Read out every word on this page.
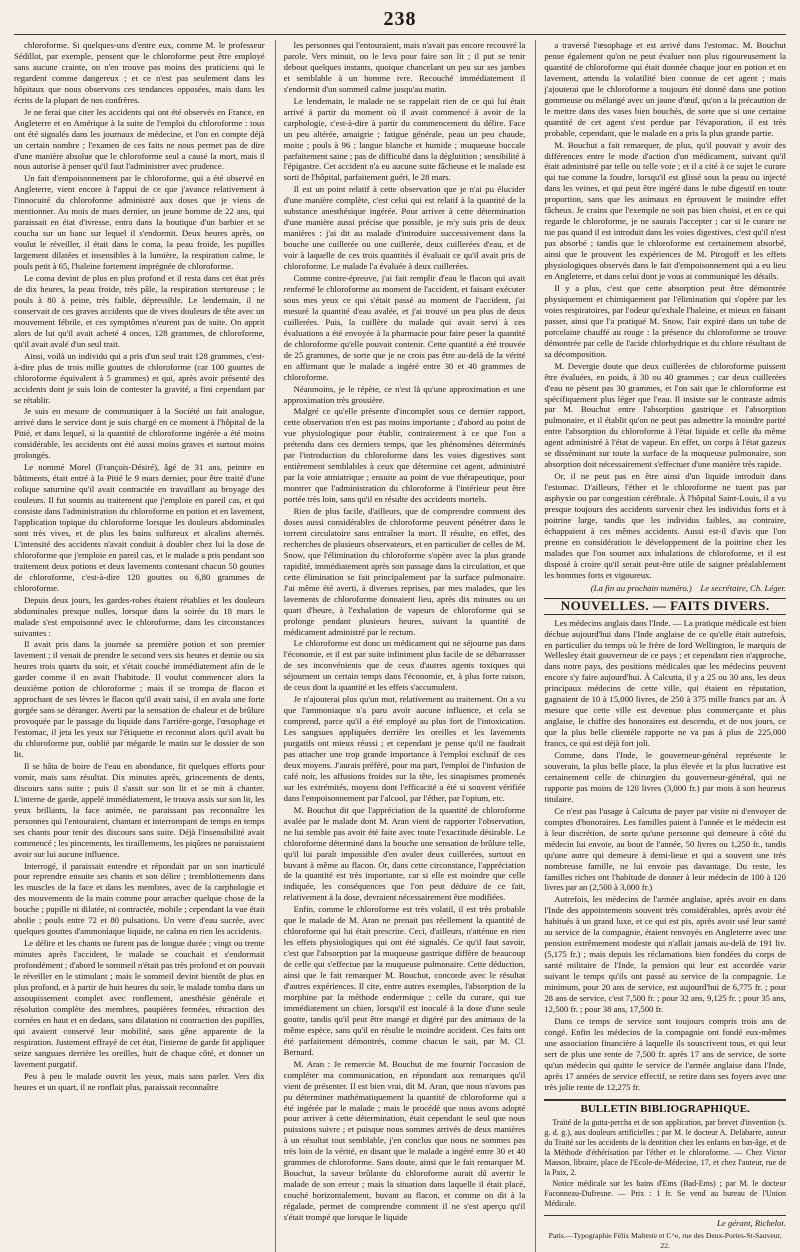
238

chloroforme. Si quelques-uns d'entre eux, comme M. le professeur Sédillot, par exemple, pensent que le chloroforme peut être employé sans aucune crainte, on n'en trouve pas moins des praticiens qui le regardent comme dangereux ; et ce n'est pas seulement dans les hôpitaux que nous observons ces tendances opposées, mais dans les écrits de la plupart de nos confrères.

Je ne ferai que citer les accidents qui ont été observés en France, en Angleterre et en Amérique à la suite de l'emploi du chloroforme : tous ont été signalés dans les journaux de médecine, et l'on en compte déjà un certain nombre ; l'examen de ces faits ne nous permet pas de dire d'une manière absolue que le chloroforme seul a causé la mort, mais il nous autorise à penser qu'il faut l'administrer avec prudence.

Un fait d'empoisonnement par le chloroforme, qui a été observé en Angleterre, vient encore à l'appui de ce que j'avance relativement à l'innocuité du chloroforme administré aux doses que je viens de mentionner. Au mois de mars dernier, un jeune homme de 22 ans, qui paraissait en état d'ivresse, entra dans la boutique d'un barbier et se coucha sur un banc sur lequel il s'endormit. Deux heures après, on voulut le réveiller, il était dans le coma, la peau froide, les pupilles largement dilatées et insensibles à la lumière, la respiration calme, le pouls petit à 65, l'haleine fortement imprégnée de chloroforme.

Le coma devint de plus en plus profond et il resta dans cet état près de dix heures, la peau froide, très pâle, la respiration stertoreuse ; le pouls à 80 à peine, très faible, dépressible. Le lendemain, il ne conservait de ces graves accidents que de vives douleurs de tête avec un mouvement fébrile, et ces symptômes n'eurent pas de suite. On apprit alors de lui qu'il avait acheté 4 onces, 128 grammes, de chloroforme, qu'il avait avalé d'un seul trait.

Ainsi, voilà un individu qui a pris d'un seul trait 128 grammes, c'est-à-dire plus de trois mille gouttes de chloroforme (car 100 gouttes de chloroforme équivalent à 5 grammes) et qui, après avoir présenté des accidents dont je suis loin de contester la gravité, a fini cependant par se rétablir.

Je suis en mesure de communiquer à la Société un fait analogue, arrivé dans le service dont je suis chargé en ce moment à l'hôpital de la Pitié, et dans lequel, si la quantité de chloroforme ingérée a été moins considérable, les accidents ont été aussi moins graves et surtout moins prolongés.

Le nommé Morel (François-Désiré), âgé de 31 ans, peintre en bâtiments, était entré à la Pitié le 9 mars dernier, pour être traité d'une colique saturnine qu'il avait contractée en travaillant au broyage des couleurs. Il fut soumis au traitement que j'emploie en pareil cas, et qui consiste dans l'administration du chloroforme en potion et en lavement, l'application topique du chloroforme lorsque les douleurs abdominales sont très vives, et de plus les bains sulfureux et alcalins alternés. L'intensité des accidents n'avait conduit à doubler chez lui la dose de chloroforme que j'emploie en pareil cas, et le malade a pris pendant son traitement deux potions et deux lavements contenant chacun 50 gouttes de chloroforme, c'est-à-dire 120 gouttes ou 6,80 grammes de chloroforme.

Depuis deux jours, les gardes-robes étaient rétablies et les douleurs abdominales presque nulles, lorsque dans la soirée du 18 mars le malade s'est empoisonné avec le chloroforme, dans les circonstances suivantes :

Il avait pris dans la journée sa première potion et son premier lavement ; il venait de prendre le second vers six heures et demie ou six heures trois quarts du soir, et s'était couché immédiatement afin de le garder comme il en avait l'habitude. Il voulut commencer alors la deuxième potion de chloroforme ; mais il se trompa de flacon et approchant de ses lèvres le flacon qu'il avait saisi, il en avala une forte gorgée sans se déranger. Averti par la sensation de chaleur et de brûlure provoquée par le passage du liquide dans l'arrière-gorge, l'œsophage et l'estomac, il jeta les yeux sur l'étiquette et reconnut alors qu'il avait bu du chloroforme pur, oublié par mégarde le matin sur le dossier de son lit.

Il se hâta de boire de l'eau en abondance, fit quelques efforts pour vomir, mais sans résultat. Dix minutes après, grincements de dents, discours sans suite ; puis il s'assit sur son lit et se mit à chanter. L'interne de garde, appelé immédiatement, le trouva assis sur son lit, les yeux brillants, la face animée, ne paraissant pas reconnaître les personnes qui l'entouraient, chantant et interrompant de temps en temps ses chants pour tenir des discours sans suite. Déjà l'insensibilité avait commencé ; les pincements, les tiraillements, les piqûres ne paraissaient avoir sur lui aucune influence.

Interrogé, il paraissait entendre et répondait par un son inarticulé pour reprendre ensuite ses chants et son délire ; tremblottements dans les muscles de la face et dans les membres, avec de la carphologie et des mouvements de la main comme pour arracher quelque chose de la bouche ; pupille ni dilatée, ni contractée, mobile ; cependant la vue était abolie ; pouls entre 72 et 80 pulsations. Un verre d'eau sucrée, avec quelques gouttes d'ammoniaque liquide, ne calma en rien les accidents.

Le délire et les chants ne furent pas de longue durée ; vingt ou trente minutes après l'accident, le malade se couchait et s'endormait profondément ; d'abord le sommeil n'était pas très profond et on pouvait le réveiller en le stimulant ; mais le sommeil devint bientôt de plus en plus profond, et à partir de huit heures du soir, le malade tomba dans un assoupissement complet avec ronflement, anesthésie générale et résolution complète des membres, paupières fermées, rétraction des cornées en haut et en dedans, sans dilatation ni contraction des pupilles, qui avaient conservé leur mobilité, sans gêne apparente de la respiration. Justement effrayé de cet état, l'interne de garde fit appliquer seize sangsues derrière les oreilles, huit de chaque côté, et donner un lavement purgatif.

Peu à peu le malade ouvrit les yeux, mais sans parler. Vers dix heures et un quart, il ne ronflait plus, paraissait reconnaître

les personnes qui l'entouraient, mais n'avait pas encore recouvré la parole. Vers minuit, on le leva pour faire son lit ; il put se tenir debout quelques instants, quoique chancelant un peu sur ses jambes et semblable à un homme ivre. Recouché immédiatement il s'endormit d'un sommeil calme jusqu'au matin.

Le lendemain, le malade ne se rappelait rien de ce qui lui était arrivé à partir du moment où il avait commencé à avoir de la carphologie, c'est-à-dire à partir du commencement du délire. Face un peu altérée, amaigrie ; fatigue générale, peau un peu chaude, moite ; pouls à 96 ; langue blanche et humide ; muqueuse buccale parfaitement saine ; pas de difficulté dans la déglutition ; sensibilité à l'épigastre. Cet accident n'a eu aucune suite fâcheuse et le malade est sorti de l'hôpital, parfaitement guéri, le 28 mars.

Il est un point relatif à cette observation que je n'ai pu élucider d'une manière complète, c'est celui qui est relatif à la quantité de la substance anesthésique ingérée. Pour arriver à cette détermination d'une manière aussi précise que possible, je m'y suis pris de deux manières : j'ai dit au malade d'introduire successivement dans la bouche une cuillerée ou une cuillerée, deux cuillerées d'eau, et de voir à laquelle de ces trois quantités il évaluait ce qu'il avait pris de chloroforme. Le malade l'a évaluée à deux cuillerées.

Comme contre-épreuve, j'ai fait remplir d'eau le flacon qui avait renfermé le chloroforme au moment de l'accident, et faisant exécuter sous mes yeux ce qui s'était passé au moment de l'accident, j'ai mesuré la quantité d'eau avalée, et j'ai trouvé un peu plus de deux cuillerées. Puis, la cuillère du malade qui avait servi à ces évaluations a été envoyée à la pharmacie pour faire peser la quantité de chloroforme qu'elle pouvait contenir. Cette quantité a été trouvée de 25 grammes, de sorte que je ne crois pas être au-delà de la vérité en affirmant que le malade a ingéré entre 30 et 40 grammes de chloroforme.

Néanmoins, je le répète, ce n'est là qu'une approximation et une approximation très grossière.

Malgré ce qu'elle présente d'incomplet sous ce dernier rapport, cette observation n'en est pas moins importante ; d'abord au point de vue physiologique pour établir, contrairement à ce que l'on a prétendu dans ces derniers temps, que les phénomènes déterminés par l'introduction du chloroforme dans les voies digestives sont entièrement semblables à ceux que détermine cet agent, administré par la voie atmiatrique ; ensuite au point de vue thérapeutique, pour montrer que l'administration du chloroforme à l'intérieur peut être portée très loin, sans qu'il en résulte des accidents mortels.

Rien de plus facile, d'ailleurs, que de comprendre comment des doses aussi considérables de chloroforme peuvent pénétrer dans le torrent circulatoire sans entraîner la mort. Il résulte, en effet, des recherches de plusieurs observateurs, et en particulier de celles de M. Snow, que l'élimination du chloroforme s'opère avec la plus grande rapidité, immédiatement après son passage dans la circulation, et que cette élimination se fait principalement par la surface pulmonaire. J'ai même été averti, à diverses reprises, par mes malades, que les lavements de chloroforme donnaient lieu, après dix minutes ou un quart d'heure, à l'exhalation de vapeurs de chloroforme qui se prolonge pendant plusieurs heures, suivant la quantité de médicament administré par le rectum.

Le chloroforme est donc un médicament qui ne séjourne pas dans l'économie, et il est par suite infiniment plus facile de se débarrasser de ses inconvénients que de ceux d'autres agents toxiques qui séjournent un certain temps dans l'économie, et, à plus forte raison, de ceux dont la quantité et les effets s'accumulent.

Je n'ajouterai plus qu'un mot, relativement au traitement. On a vu que l'ammoniaque n'a paru avoir aucune influence, et cela se comprend, parce qu'il a été employé au plus fort de l'intoxication. Les sangsues appliquées derrière les oreilles et les lavements purgatifs ont mieux réussi ; et cependant je pense qu'il ne faudrait pas attacher une trop grande importance à l'emploi exclusif de ces deux moyens. J'aurais préféré, pour ma part, l'emploi de l'infusion de café noir, les affusions froides sur la tête, les sinapismes promenés sur les extrémités, moyens dont l'efficacité a été si souvent vérifiée dans l'empoisonnement par l'alcool, par l'éther, par l'opium, etc.

M. Bouchut dit que l'appréciation de la quantité de chloroforme avalée par le malade dont M. Aran vient de rapporter l'observation, ne lui semble pas avoir été faite avec toute l'exactitude désirable. Le chloroforme déterminé dans la bouche une sensation de brûlure telle, qu'il lui paraît impossible d'en avaler deux cuillerées, surtout en buvant à même au flacon. Or, dans cette circonstance, l'appréciation de la quantité est très importante, car si elle est moindre que celle indiquée, les conséquences que l'on peut déduire de ce fait, relativement à la dose, devraient nécessairement être modifiées.

Enfin, comme le chloroforme est très volatil, il est très probable que le malade de M. Aran ne prenait pas réellement la quantité de chloroforme qui lui était prescrite. Ceci, d'ailleurs, n'atténue en rien les effets physiologiques qui ont été signalés. Ce qu'il faut savoir, c'est que l'absorption par la muqueuse gastrique diffère de beaucoup de celle qui s'effectue par la muqueuse pulmonaire. Cette déduction, ainsi que le fait remarquer M. Bouchut, concorde avec le résultat d'autres expériences. Il cite, entre autres exemples, l'absorption de la morphine par la méthode endermique ; celle du curare, qui tue immédiatement un chien, lorsqu'il est inoculé à la dose d'une seule goutte, tandis qu'il peut être mangé et digéré par des animaux de la même espèce, sans qu'il en résulte le moindre accident. Ces faits ont été parfaitement démontrés, comme chacun le sait, par M. Cl. Bernard.

M. Aran : Je remercie M. Bouchut de me fournir l'occasion de compléter ma communication, en répondant aux remarques qu'il vient de présenter. Il est bien vrai, dit M. Aran, que nous n'avons pas pu déterminer mathématiquement la quantité de chloroforme qui a été ingérée par le malade ; mais le procédé que nous avons adopté pour arriver à cette détermination, était cependant le seul que nous puissions suivre ; et puisque nous sommes arrivés de deux manières à un résultat tout semblable, j'en conclus que nous ne sommes pas très loin de la vérité, en disant que le malade a ingéré entre 30 et 40 grammes de chloroforme. Sans doute, ainsi que le fait remarquer M. Bouchut, la saveur brûlante du chloroforme aurait dû avertir le malade de son erreur ; mais la situation dans laquelle il était placé, couché horizontalement, buvant au flacon, et comme on dit à la régalade, permet de comprendre comment il ne s'est aperçu qu'il s'était trompé que lorsque le liquide

a traversé l'œsophage et est arrivé dans l'estomac. M. Bouchut pense également qu'on ne peut évaluer non plus rigoureusement la quantité de chloroforme qui était donnée chaque jour en potion et en lavement, attendu la volatilité bien connue de cet agent ; mais j'ajouterai que le chloroforme a toujours été donné dans une potion gommeuse ou mélangé avec un jaune d'œuf, qu'on a la précaution de le mettre dans des vases bien bouchés, de sorte que si une certaine quantité de cet agent s'est perdue par l'évaporation, il est très probable, cependant, que le malade en a pris la plus grande partie.

M. Bouchut a fait remarquer, de plus, qu'il pouvait y avoir des différences entre le mode d'action d'un médicament, suivant qu'il était administré par telle ou telle voie ; et il a cité à ce sujet le curare qui tue comme la foudre, lorsqu'il est glissé sous la peau ou injecté dans les veines, et qui peut être ingéré dans le tube digestif en toute proportion, sans que les animaux en éprouvent le moindre effet fâcheux. Je crains que l'exemple ne soit pas bien choisi, et en ce qui regarde le chloroforme, je ne saurais l'accepter ; car si le curare ne tue pas quand il est introduit dans les voies digestives, c'est qu'il n'est pas absorbé ; tandis que le chloroforme est certainement absorbé, ainsi que le prouvent les expériences de M. Pirogoff et les effets physiologiques observés dans le fait d'empoisonnement qui a eu lieu en Angleterre, et dans celui dont je vous ai communiqué les détails.

Il y a plus, c'est que cette absorption peut être démontrée physiquement et chimiquement par l'élimination qui s'opère par les voies respiratoires, par l'odeur qu'exhale l'haleine, et mieux en faisant passer, ainsi que l'a pratiqué M. Snow, l'air expiré dans un tube de porcelaine chauffé au rouge : la présence du chloroforme se trouve démontrée par celle de l'acide chlorhydrique et du chlore résultant de sa décomposition.

M. Devergie doute que deux cuillerées de chloroforme puissent être évaluées, en poids, à 30 ou 40 grammes ; car deux cuillerées d'eau ne pèsent pas 30 grammes, et l'on sait que le chloroforme est spécifiquement plus léger que l'eau. Il insiste sur le contraste admis par M. Bouchut entre l'absorption gastrique et l'absorption pulmonaire, et il établit qu'on ne peut pas admettre la moindre parité entre l'absorption du chloroforme à l'état liquide et celle du même agent administré à l'état de vapeur. En effet, un corps à l'état gazeux se disséminant sur toute la surface de la muqueuse pulmonaire, son absorption doit nécessairement s'effectuer d'une manière très rapide.

Or, il ne peut pas en être ainsi d'un liquide introduit dans l'estomac. D'ailleurs, l'éther et le chloroforme ne tuent pas par asphyxie ou par congestion cérébrale. À l'hôpital Saint-Louis, il a vu presque toujours des accidents survenir chez les individus forts et à poitrine large, tandis que les individus faibles, au contraire, échappaient à ces mêmes accidents. Aussi est-il d'avis que l'on prenne en considération le développement de la poitrine chez les malades que l'on soumet aux inhalations de chloroforme, et il est disposé à croire qu'il serait peut-être utile de saigner préalablement les hommes forts et vigoureux.

(La fin au prochain numéro.) Le secrétaire, Ch. Léger.
NOUVELLES. — FAITS DIVERS.

Les médecins anglais dans l'Inde. — La pratique médicale est bien déchue aujourd'hui dans l'Inde anglaise de ce qu'elle était autrefois, en particulier du temps où le frère de lord Wellington, le marquis de Wellesley était gouverneur de ce pays ; et cependant rien n'approche, dans notre pays, des positions médicales que les médecins peuvent encore s'y faire aujourd'hui. À Calcutta, il y a 25 ou 30 ans, les deux principaux médecins de cette ville, qui étaient en réputation, gagnaient de 10 à 15,000 livres, de 250 à 375 mille francs par an. À mesure que cette ville est devenue plus commerçante et plus anglaise, le chiffre des honoraires est descendu, et de nos jours, ce que la plus belle clientèle rapporte ne va pas à plus de 225,000 francs, ce qui est déjà fort joli.

Comme, dans l'Inde, le gouverneur-général représente le souverain, la plus belle place, la plus élevée et la plus lucrative est certainement celle de chirurgien du gouverneur-général, qui ne rapporte pas moins de 120 livres (3,000 fr.) par mois à son heureux titulaire.

Ce n'est pas l'usage à Calcutta de payer par visite ni d'envoyer de comptes d'honoraires. Les familles paient à l'année et le médecin est à leur discrétion, de sorte qu'une personne qui demeure à côté du médecin lui envoie, au bout de l'année, 50 livres ou 1,250 fr., tandis qu'une autre qui demeure à demi-lieue et qui a souvent une très nombreuse famille, ne lui envoie pas davantage. Du reste, les familles riches ont l'habitude de donner à leur médecin de 100 à 120 livres par an (2,500 à 3,000 fr.)

Autrefois, les médecins de l'armée anglaise, après avoir en dans l'Inde des appointements souvent très considérables, après avoir été habitués à un grand luxe, et ce qui est pis, après avoir usé leur santé au service de la compagnie, étaient renvoyés en Angleterre avec une pension extrêmement modeste qui n'allait jamais au-delà de 191 liv. (5,175 fr.) ; mais depuis les réclamations bien fondées du corps de santé militaire de l'Inde, la pension qui leur est accordée varie suivant le temps qu'ils ont passé au service de la compagnie. Le minimum, pour 20 ans de service, est aujourd'hui de 6,775 fr. ; pour 28 ans de service, c'est 7,500 fr. ; pour 32 ans, 9,125 fr. ; pour 35 ans, 12,500 fr. ; pour 38 ans, 17,500 fr.

Dans ce temps de service sont toujours compris trois ans de congé. Enfin les médecins de la compagnie ont fondé eux-mêmes une association financière à laquelle ils souscrivent tous, et qui leur sert de plus une rente de 7,500 fr. après 17 ans de service, de sorte qu'un médecin qui quitte le service de l'armée anglaise dans l'Inde, après 17 années de service effectif, se retire dans ses foyers avec une très jolie rente de 12,275 fr.

BULLETIN BIBLIOGRAPHIQUE.

Traité de la gutta-percha et de son application, par brevet d'invention (s. g. d. g.), aux douleurs artificielles ; par M. le docteur A. Delabarre, auteur du Traité sur les accidents de la dentition chez les enfants en bas-âge, et de la Méthode d'éthérisation par l'éther et le chloroforme. — Chez Victor Masson, libraire, place de l'Ecole-de-Médecine, 17, et chez l'auteur, rue de la Paix, 2.

Notice médicale sur les bains d'Ems (Bad-Ems) ; par M. le docteur Faconneau-Dufresne. — Prix : 1 fr. Se vend au bureau de l'Union Médicale.

Le gérant, Richelot.
Paris.—Typographie Félix Malteste et C^e, rue des Deux-Portes-St-Sauveur, 22.
